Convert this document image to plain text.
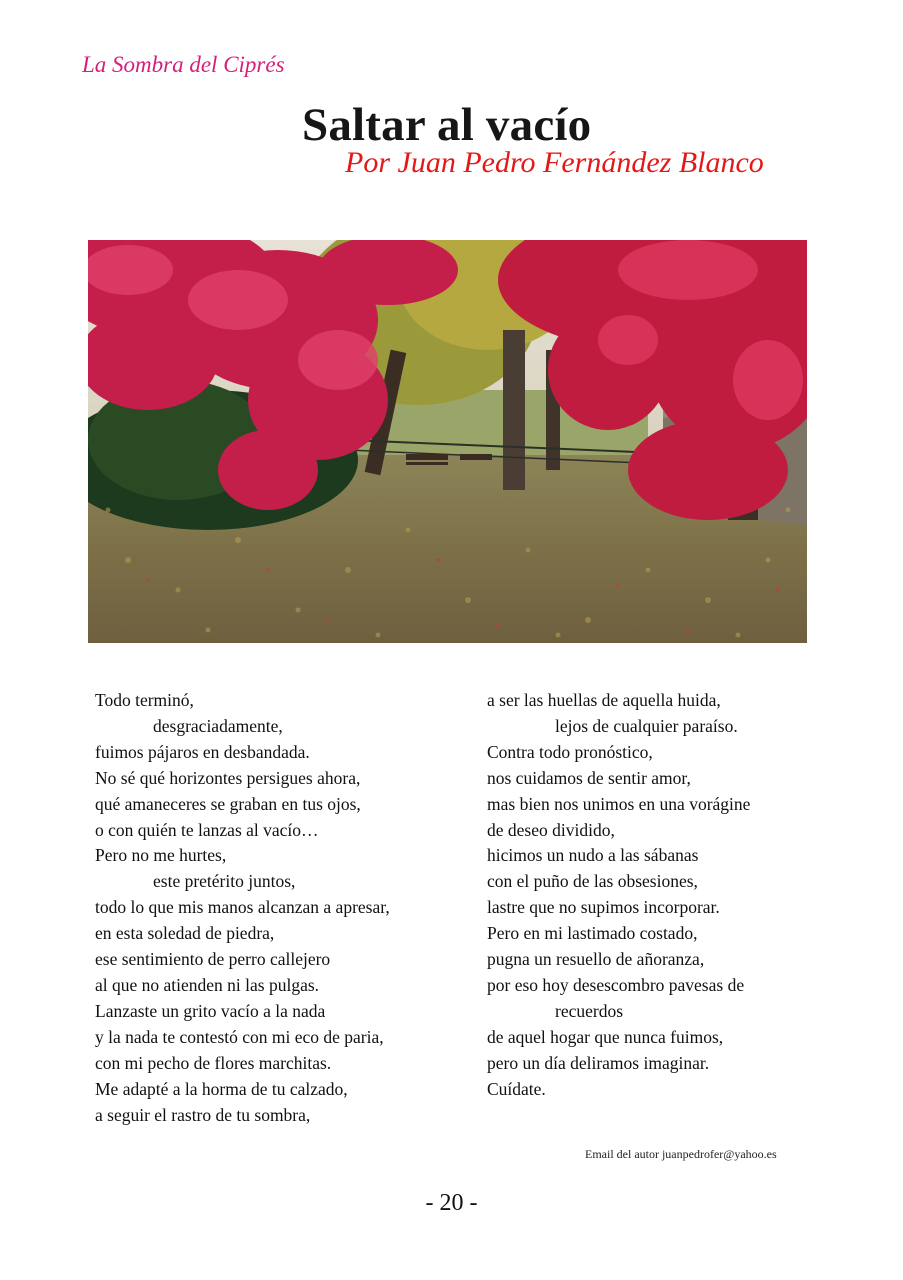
La Sombra del Ciprés
Saltar al vacío
Por Juan Pedro Fernández Blanco
Todo terminó,
desgraciadamente,
fuimos pájaros en desbandada.
No sé qué horizontes persigues ahora,
qué amaneceres se graban en tus ojos,
o con quién te lanzas al vacío…
Pero no me hurtes,
este pretérito juntos,
todo lo que mis manos alcanzan a apresar,
en esta soledad de piedra,
ese sentimiento de perro callejero
al que no atienden ni las pulgas.
Lanzaste un grito vacío a la nada
y la nada te contestó con mi eco de paria,
con mi pecho de flores marchitas.
Me adapté a la horma de tu calzado,
a seguir el rastro de tu sombra,
a ser las huellas de aquella huida,
lejos de cualquier paraíso.
Contra todo pronóstico,
nos cuidamos de sentir amor,
mas bien nos unimos en una vorágine
de deseo dividido,
hicimos un nudo a las sábanas
con el puño de las obsesiones,
lastre que no supimos incorporar.
Pero en mi lastimado costado,
pugna un resuello de añoranza,
por eso hoy desescombro pavesas de
recuerdos
de aquel hogar que nunca fuimos,
pero un día deliramos imaginar.
Cuídate.
Email del autor juanpedrofer@yahoo.es
- 20 -
